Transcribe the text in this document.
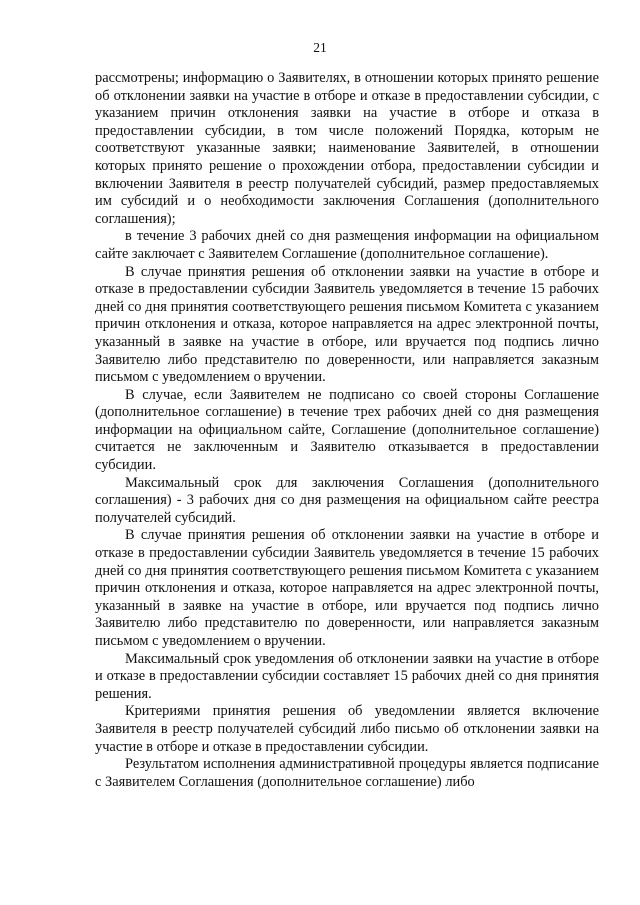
21

рассмотрены; информацию о Заявителях, в отношении которых принято решение об отклонении заявки на участие в отборе и отказе в предоставлении субсидии, с указанием причин отклонения заявки на участие в отборе и отказа в предоставлении субсидии, в том числе положений Порядка, которым не соответствуют указанные заявки; наименование Заявителей, в отношении которых принято решение о прохождении отбора, предоставлении субсидии и включении Заявителя в реестр получателей субсидий, размер предоставляемых им субсидий и о необходимости заключения Соглашения (дополнительного соглашения);

в течение 3 рабочих дней со дня размещения информации на официальном сайте заключает с Заявителем Соглашение (дополнительное соглашение).

В случае принятия решения об отклонении заявки на участие в отборе и отказе в предоставлении субсидии Заявитель уведомляется в течение 15 рабочих дней со дня принятия соответствующего решения письмом Комитета с указанием причин отклонения и отказа, которое направляется на адрес электронной почты, указанный в заявке на участие в отборе, или вручается под подпись лично Заявителю либо представителю по доверенности, или направляется заказным письмом с уведомлением о вручении.

В случае, если Заявителем не подписано со своей стороны Соглашение (дополнительное соглашение) в течение трех рабочих дней со дня размещения информации на официальном сайте, Соглашение (дополнительное соглашение) считается не заключенным и Заявителю отказывается в предоставлении субсидии.

Максимальный срок для заключения Соглашения (дополнительного соглашения) - 3 рабочих дня со дня размещения на официальном сайте реестра получателей субсидий.

В случае принятия решения об отклонении заявки на участие в отборе и отказе в предоставлении субсидии Заявитель уведомляется в течение 15 рабочих дней со дня принятия соответствующего решения письмом Комитета с указанием причин отклонения и отказа, которое направляется на адрес электронной почты, указанный в заявке на участие в отборе, или вручается под подпись лично Заявителю либо представителю по доверенности, или направляется заказным письмом с уведомлением о вручении.

Максимальный срок уведомления об отклонении заявки на участие в отборе и отказе в предоставлении субсидии составляет 15 рабочих дней со дня принятия решения.

Критериями принятия решения об уведомлении является включение Заявителя в реестр получателей субсидий либо письмо об отклонении заявки на участие в отборе и отказе в предоставлении субсидии.

Результатом исполнения административной процедуры является подписание с Заявителем Соглашения (дополнительное соглашение) либо
